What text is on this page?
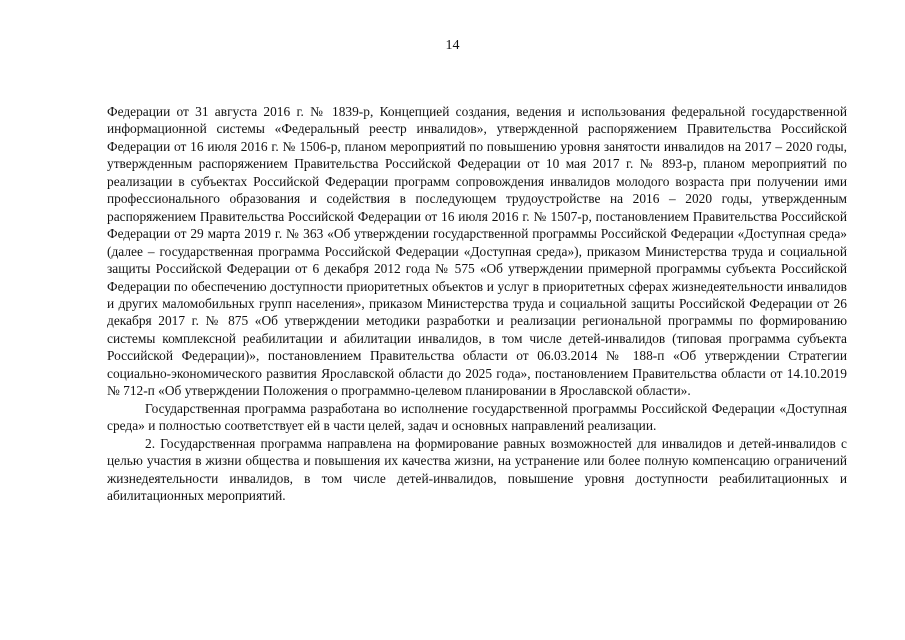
14

Федерации от 31 августа 2016 г. № 1839-р, Концепцией создания, ведения и использования федеральной государственной информационной системы «Федеральный реестр инвалидов», утвержденной распоряжением Правительства Российской Федерации от 16 июля 2016 г. № 1506-р, планом мероприятий по повышению уровня занятости инвалидов на 2017 – 2020 годы, утвержденным распоряжением Правительства Российской Федерации от 10 мая 2017 г. № 893-р, планом мероприятий по реализации в субъектах Российской Федерации программ сопровождения инвалидов молодого возраста при получении ими профессионального образования и содействия в последующем трудоустройстве на 2016 – 2020 годы, утвержденным распоряжением Правительства Российской Федерации от 16 июля 2016 г. № 1507-р, постановлением Правительства Российской Федерации от 29 марта 2019 г. № 363 «Об утверждении государственной программы Российской Федерации «Доступная среда» (далее – государственная программа Российской Федерации «Доступная среда»), приказом Министерства труда и социальной защиты Российской Федерации от 6 декабря 2012 года № 575 «Об утверждении примерной программы субъекта Российской Федерации по обеспечению доступности приоритетных объектов и услуг в приоритетных сферах жизнедеятельности инвалидов и других маломобильных групп населения», приказом Министерства труда и социальной защиты Российской Федерации от 26 декабря 2017 г. № 875 «Об утверждении методики разработки и реализации региональной программы по формированию системы комплексной реабилитации и абилитации инвалидов, в том числе детей-инвалидов (типовая программа субъекта Российской Федерации)», постановлением Правительства области от 06.03.2014 № 188-п «Об утверждении Стратегии социально-экономического развития Ярославской области до 2025 года», постановлением Правительства области от 14.10.2019 № 712-п «Об утверждении Положения о программно-целевом планировании в Ярославской области».

Государственная программа разработана во исполнение государственной программы Российской Федерации «Доступная среда» и полностью соответствует ей в части целей, задач и основных направлений реализации.

2. Государственная программа направлена на формирование равных возможностей для инвалидов и детей-инвалидов с целью участия в жизни общества и повышения их качества жизни, на устранение или более полную компенсацию ограничений жизнедеятельности инвалидов, в том числе детей-инвалидов, повышение уровня доступности реабилитационных и абилитационных мероприятий.
